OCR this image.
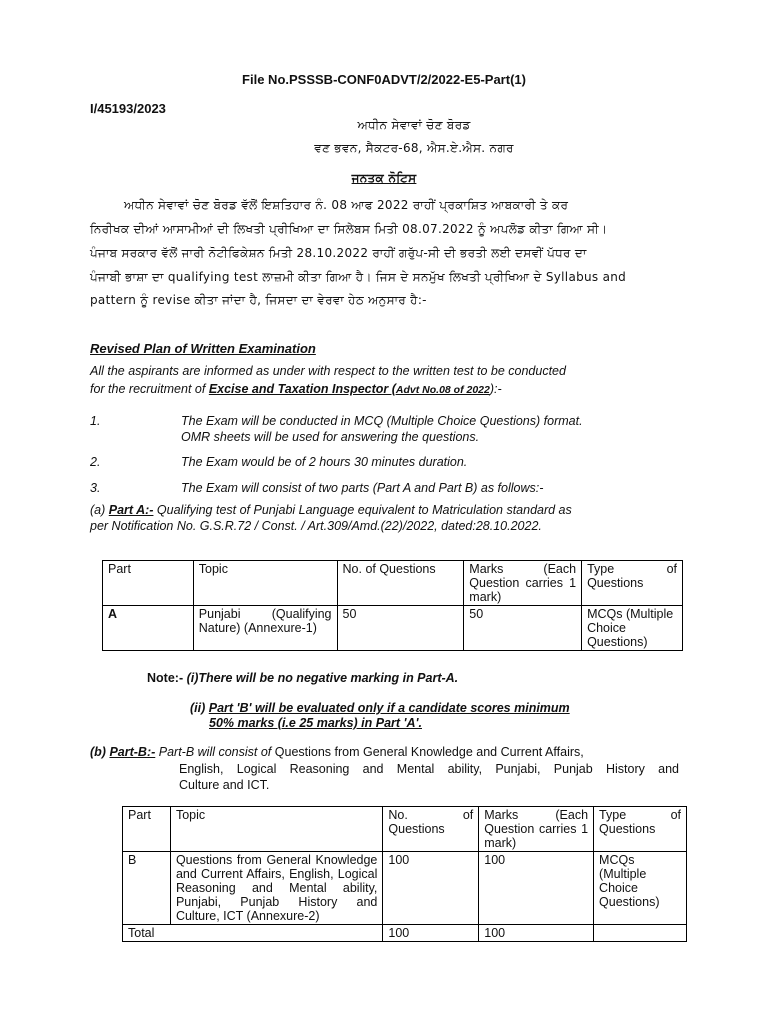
File No.PSSSB-CONF0ADVT/2/2022-E5-Part(1)
I/45193/2023
ਅਧੀਨ ਸੇਵਾਵਾਂ ਚੋਣ ਬੋਰਡ
ਵਣ ਭਵਨ, ਸੈਕਟਰ-68, ਐਸ.ਏ.ਐਸ. ਨਗਰ
ਜਨਤਕ ਨੋਟਿਸ
ਅਧੀਨ ਸੇਵਾਵਾਂ ਚੋਣ ਬੋਰਡ ਵੱਲੋਂ ਇਸ਼ਤਿਹਾਰ ਨੰ. 08 ਆਫ 2022 ਰਾਹੀਂ ਪ੍ਰਕਾਸ਼ਿਤ ਆਬਕਾਰੀ ਤੇ ਕਰ
ਨਿਰੀਖਕ ਦੀਆਂ ਆਸਾਮੀਆਂ ਦੀ ਲਿਖਤੀ ਪ੍ਰੀਖਿਆ ਦਾ ਸਿਲੇਬਸ ਮਿਤੀ 08.07.2022 ਨੂੰ ਅਪਲੋਡ ਕੀਤਾ ਗਿਆ ਸੀ।
ਪੰਜਾਬ ਸਰਕਾਰ ਵੱਲੋਂ ਜਾਰੀ ਨੋਟੀਫਿਕੇਸ਼ਨ ਮਿਤੀ 28.10.2022 ਰਾਹੀਂ ਗਰੁੱਪ-ਸੀ ਦੀ ਭਰਤੀ ਲਈ ਦਸਵੀਂ ਪੱਧਰ ਦਾ
ਪੰਜਾਬੀ ਭਾਸ਼ਾ ਦਾ qualifying test ਲਾਜ਼ਮੀ ਕੀਤਾ ਗਿਆ ਹੈ। ਜਿਸ ਦੇ ਸਨਮੁੱਖ ਲਿਖਤੀ ਪ੍ਰੀਖਿਆ ਦੇ Syllabus and
pattern ਨੂੰ revise ਕੀਤਾ ਜਾਂਦਾ ਹੈ, ਜਿਸਦਾ ਦਾ ਵੇਰਵਾ ਹੇਠ ਅਨੁਸਾਰ ਹੈ:-
Revised Plan of Written Examination
All the aspirants are informed as under with respect to the written test to be conducted
for the recruitment of Excise and Taxation Inspector (Advt No.08 of 2022):-
1.	The Exam will be conducted in MCQ (Multiple Choice Questions) format.
OMR sheets will be used for answering the questions.
2.	The Exam would be of 2 hours 30 minutes duration.
3.	The Exam will consist of two parts (Part A and Part B) as follows:-
(a) Part A:- Qualifying test of Punjabi Language equivalent to Matriculation standard as
per Notification No. G.S.R.72 / Const. / Art.309/Amd.(22)/2022, dated:28.10.2022.
Part	Topic	No. of Questions	Marks (Each Question carries 1 mark)	Type of Questions
A	Punjabi (Qualifying Nature) (Annexure-1)	50	50	MCQs (Multiple Choice Questions)
Note:- (i)There will be no negative marking in Part-A.
(ii) Part 'B' will be evaluated only if a candidate scores minimum
50% marks (i.e 25 marks) in Part 'A'.
(b) Part-B:- Part-B will consist of Questions from General Knowledge and Current Affairs,
English, Logical Reasoning and Mental ability, Punjabi, Punjab History and
Culture and ICT.
Part	Topic	No. of Questions	Marks (Each Question carries 1 mark)	Type of Questions
B	Questions from General Knowledge and Current Affairs, English, Logical Reasoning and Mental ability, Punjabi, Punjab History and Culture, ICT (Annexure-2)	100	100	MCQs (Multiple Choice Questions)
Total		100	100	
